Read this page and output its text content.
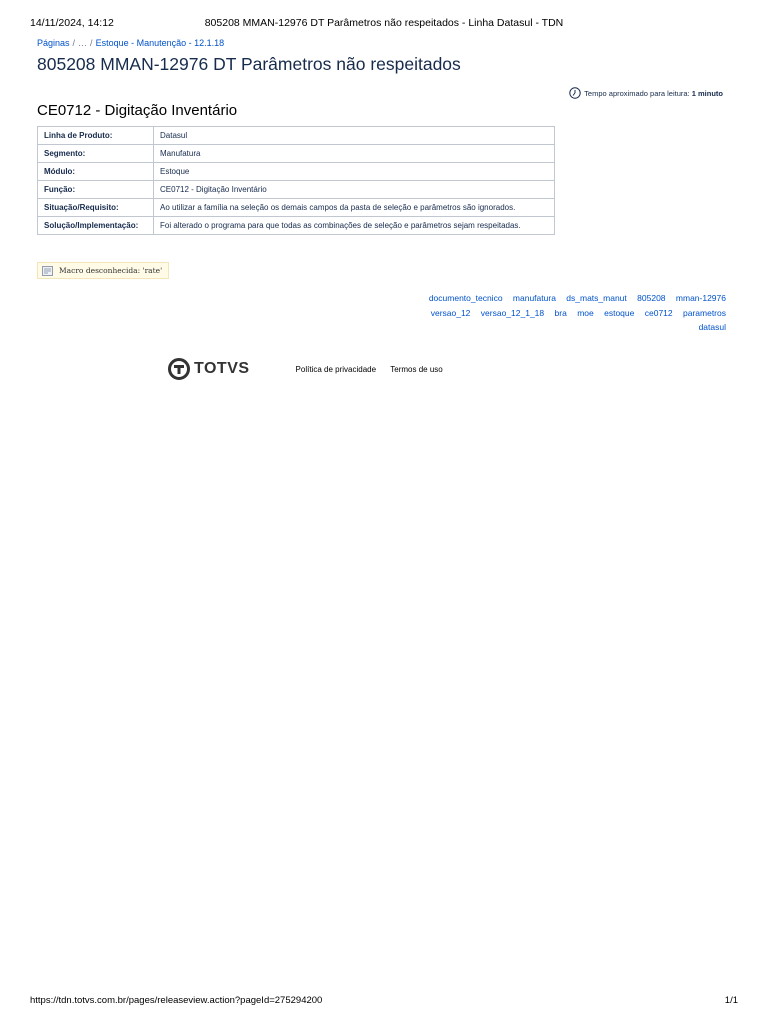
14/11/2024, 14:12	805208 MMAN-12976 DT Parâmetros não respeitados - Linha Datasul - TDN
Páginas / … / Estoque - Manutenção - 12.1.18
805208 MMAN-12976 DT Parâmetros não respeitados
Tempo aproximado para leitura:
1 minuto
CE0712 - Digitação Inventário
Linha de Produto:	Datasul
Segmento:	Manufatura
Módulo:	Estoque
Função:	CE0712 - Digitação Inventário
Situação/Requisito:	Ao utilizar a família na seleção os demais campos da pasta de seleção e parâmetros são ignorados.
Solução/Implementação:	Foi alterado o programa para que todas as combinações de seleção e parâmetros sejam respeitadas.
Macro desconhecida: 'rate'
documento_tecnico manufatura ds_mats_manut 805208 mman-12976 versao_12 versao_12_1_18 bra moe estoque ce0712 parametros datasul
TOTVS	Política de privacidade Termos de uso
https://tdn.totvs.com.br/pages/releaseview.action?pageId=275294200	1/1
